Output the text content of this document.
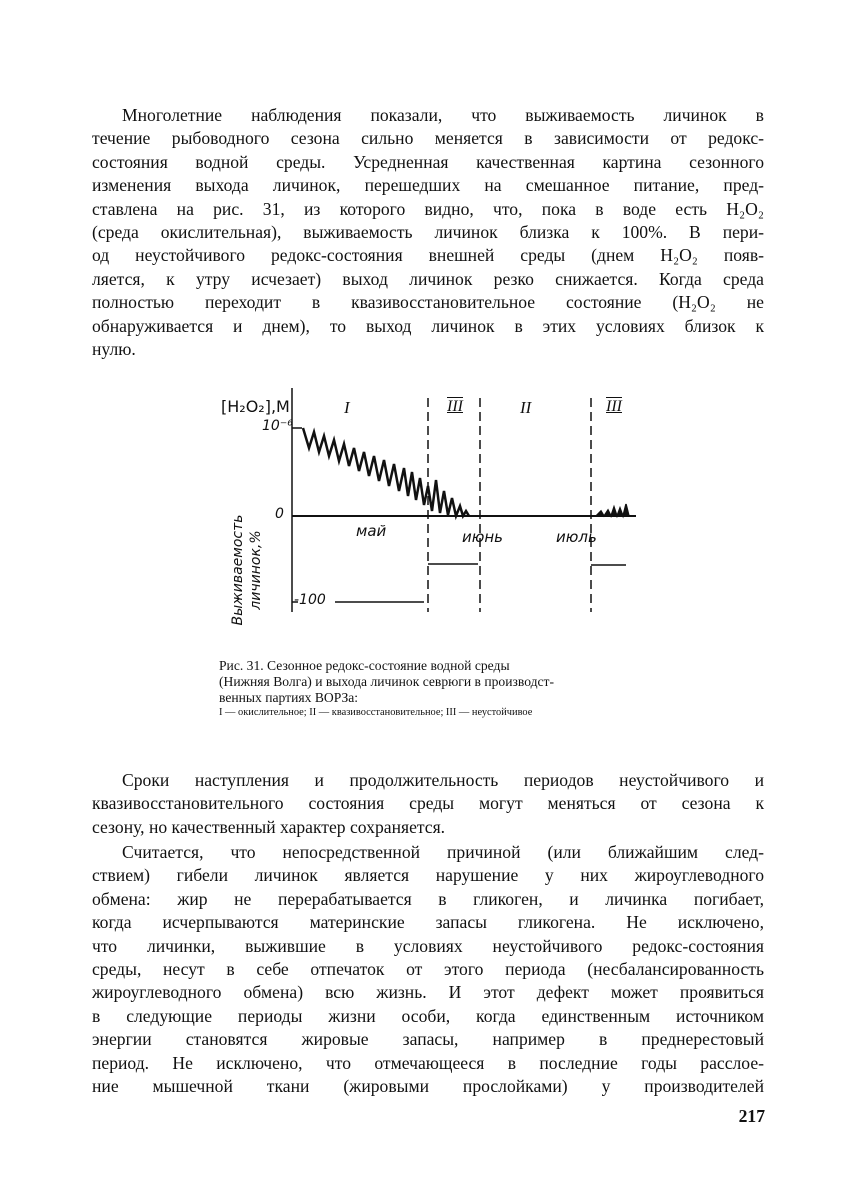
Многолетние наблюдения показали, что выживаемость личинок в
течение рыбоводного сезона сильно меняется в зависимости от редокс-
состояния водной среды. Усредненная качественная картина сезонного
изменения выхода личинок, перешедших на смешанное питание, пред-
ставлена на рис. 31, из которого видно, что, пока в воде есть H₂O₂
(среда окислительная), выживаемость личинок близка к 100%. В пери-
од неустойчивого редокс-состояния внешней среды (днем H₂O₂ появ-
ляется, к утру исчезает) выход личинок резко снижается. Когда среда
полностью переходит в квазивосстановительное состояние (H₂O₂ не
обнаруживается и днем), то выход личинок в этих условиях близок к
нулю.
[H₂O₂],M
10⁻⁶
0
-100
I	III	II	III
май	июнь	июль
Выживаемость личинок,%
Рис. 31. Сезонное редокс-состояние водной среды
(Нижняя Волга) и выхода личинок севрюги в производст-
венных партиях ВОРЗа:
I — окислительное; II — квазивосстановительное; III — неустойчивое
Сроки наступления и продолжительность периодов неустойчивого и
квазивосстановительного состояния среды могут меняться от сезона к
сезону, но качественный характер сохраняется.
Считается, что непосредственной причиной (или ближайшим след-
ствием) гибели личинок является нарушение у них жироуглеводного
обмена: жир не перерабатывается в гликоген, и личинка погибает,
когда исчерпываются материнские запасы гликогена. Не исключено,
что личинки, выжившие в условиях неустойчивого редокс-состояния
среды, несут в себе отпечаток от этого периода (несбалансированность
жироуглеводного обмена) всю жизнь. И этот дефект может проявиться
в следующие периоды жизни особи, когда единственным источником
энергии становятся жировые запасы, например в преднерестовый
период. Не исключено, что отмечающееся в последние годы расслое-
ние мышечной ткани (жировыми прослойками) у производителей
217
